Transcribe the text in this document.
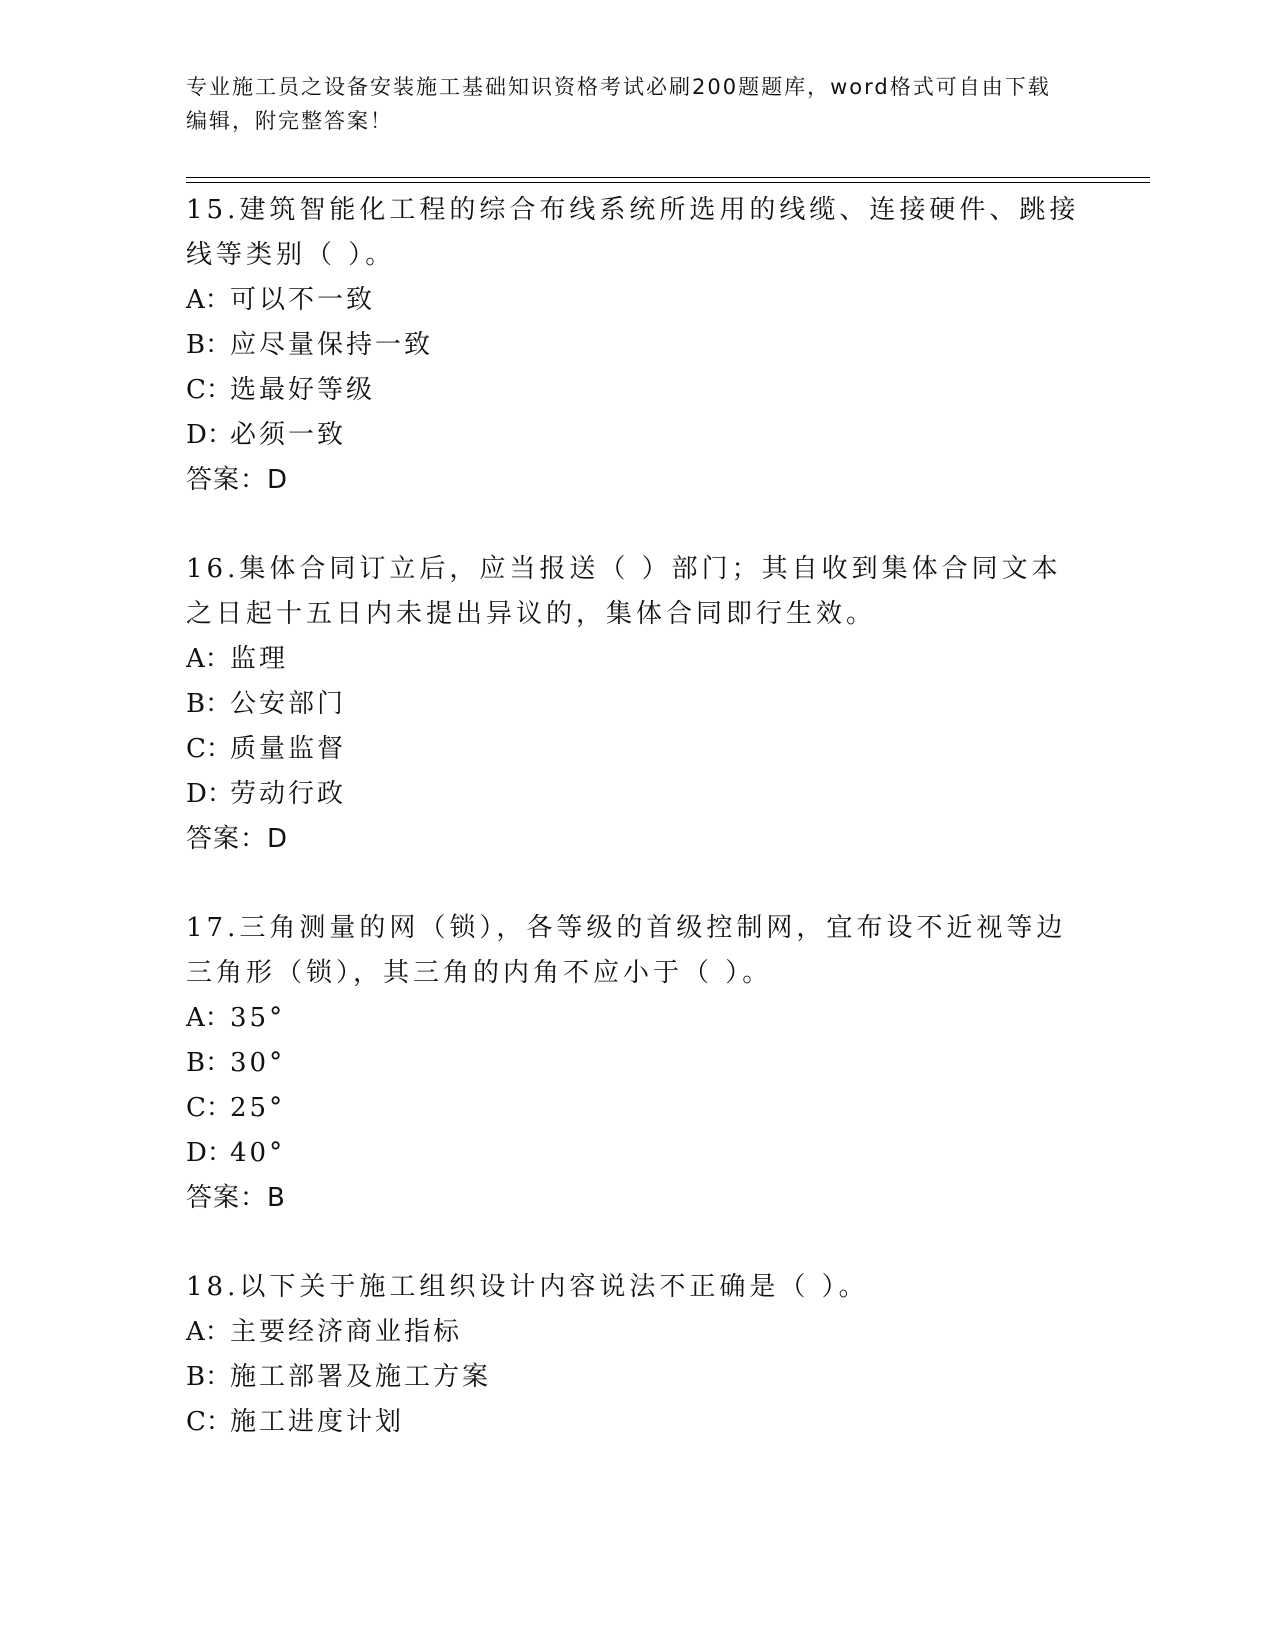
专业施工员之设备安装施工基础知识资格考试必刷200题题库，word格式可自由下载编辑，附完整答案！

15.建筑智能化工程的综合布线系统所选用的线缆、连接硬件、跳接线等类别（ ）。

A：可以不一致

B：应尽量保持一致

C：选最好等级

D：必须一致

答案：D

16.集体合同订立后，应当报送（ ）部门；其自收到集体合同文本之日起十五日内未提出异议的，集体合同即行生效。

A：监理

B：公安部门

C：质量监督

D：劳动行政

答案：D

17.三角测量的网（锁），各等级的首级控制网，宜布设不近视等边三角形（锁），其三角的内角不应小于（ ）。

A：35°

B：30°

C：25°

D：40°

答案：B

18.以下关于施工组织设计内容说法不正确是（ ）。

A：主要经济商业指标

B：施工部署及施工方案

C：施工进度计划
